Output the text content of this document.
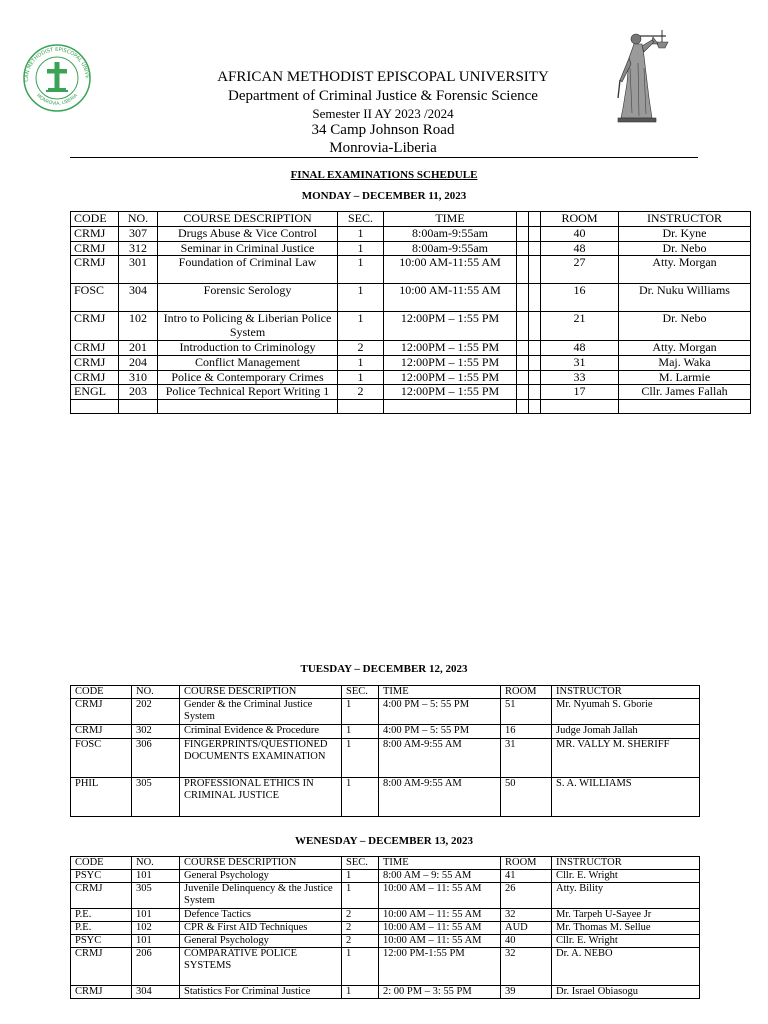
CAN METHODIST EPISCOPAL UNIVE
MONROVIA, LIBERIA
AFRICAN METHODIST EPISCOPAL UNIVERSITY
Department of Criminal Justice & Forensic Science
Semester II AY 2023 /2024
34 Camp Johnson Road
Monrovia-Liberia
FINAL EXAMINATIONS SCHEDULE
MONDAY – DECEMBER 11, 2023
CODE	NO.	COURSE DESCRIPTION	SEC.	TIME			ROOM	INSTRUCTOR
CRMJ	307	Drugs Abuse & Vice Control	1	8:00am-9:55am			40	Dr. Kyne
CRMJ	312	Seminar in Criminal Justice	1	8:00am-9:55am			48	Dr. Nebo
CRMJ	301	Foundation of Criminal Law	1	10:00 AM-11:55 AM			27	Atty. Morgan
FOSC	304	Forensic Serology	1	10:00 AM-11:55 AM			16	Dr. Nuku Williams
CRMJ	102	Intro to Policing & Liberian Police System	1	12:00PM – 1:55 PM			21	Dr. Nebo
CRMJ	201	Introduction to Criminology	2	12:00PM – 1:55 PM			48	Atty. Morgan
CRMJ	204	Conflict Management	1	12:00PM – 1:55 PM			31	Maj. Waka
CRMJ	310	Police & Contemporary Crimes	1	12:00PM – 1:55 PM			33	M. Larmie
ENGL	203	Police Technical Report Writing 1	2	12:00PM – 1:55 PM			17	Cllr. James Fallah

TUESDAY – DECEMBER 12, 2023
CODE	NO.	COURSE DESCRIPTION	SEC.	TIME	ROOM	INSTRUCTOR
CRMJ	202	Gender & the Criminal Justice System	1	4:00 PM – 5: 55 PM	51	Mr. Nyumah S. Gborie
CRMJ	302	Criminal Evidence & Procedure	1	4:00 PM – 5: 55 PM	16	Judge Jomah Jallah
FOSC	306	FINGERPRINTS/QUESTIONED DOCUMENTS EXAMINATION	1	8:00 AM-9:55 AM	31	MR. VALLY M. SHERIFF
PHIL	305	PROFESSIONAL ETHICS IN CRIMINAL JUSTICE	1	8:00 AM-9:55 AM	50	S. A. WILLIAMS
WENESDAY – DECEMBER 13, 2023
CODE	NO.	COURSE DESCRIPTION	SEC.	TIME	ROOM	INSTRUCTOR
PSYC	101	General Psychology	1	8:00 AM – 9: 55 AM	41	Cllr. E. Wright
CRMJ	305	Juvenile Delinquency & the Justice System	1	10:00 AM – 11: 55 AM	26	Atty. Bility
P.E.	101	Defence Tactics	2	10:00 AM – 11: 55 AM	32	Mr. Tarpeh U-Sayee Jr
P.E.	102	CPR & First AID Techniques	2	10:00 AM – 11: 55 AM	AUD	Mr. Thomas M. Sellue
PSYC	101	General Psychology	2	10:00 AM – 11: 55 AM	40	Cllr. E. Wright
CRMJ	206	COMPARATIVE POLICE SYSTEMS	1	12:00 PM-1:55 PM	32	Dr. A. NEBO
CRMJ	304	Statistics For Criminal Justice	1	2: 00 PM – 3: 55 PM	39	Dr. Israel Obiasogu
